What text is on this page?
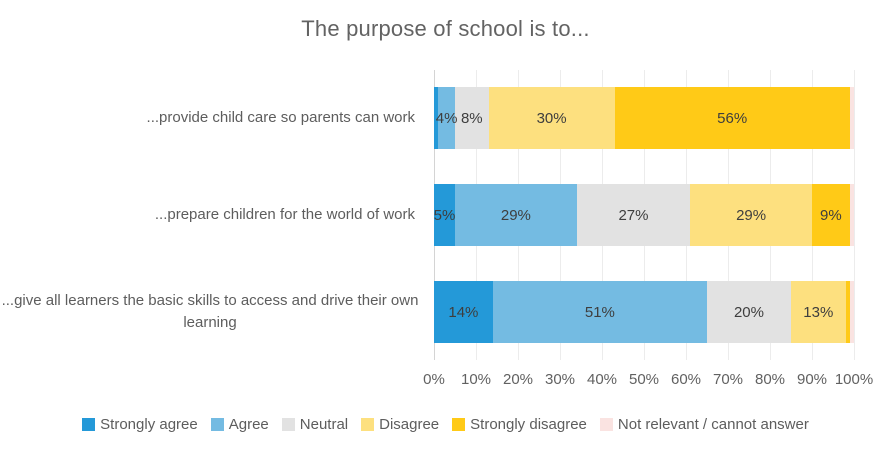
The purpose of school is to...
4% 8%	30%	56%
5%	29%	27%	29%	9%
14%	51%	20%	13%
...provide child care so parents can work
...prepare children for the world of work
...give all learners the basic skills to access and drive their own learning
0% 10% 20% 30% 40% 50% 60% 70% 80% 90% 100%
Strongly agree Agree Neutral Disagree Strongly disagree Not relevant / cannot answer
